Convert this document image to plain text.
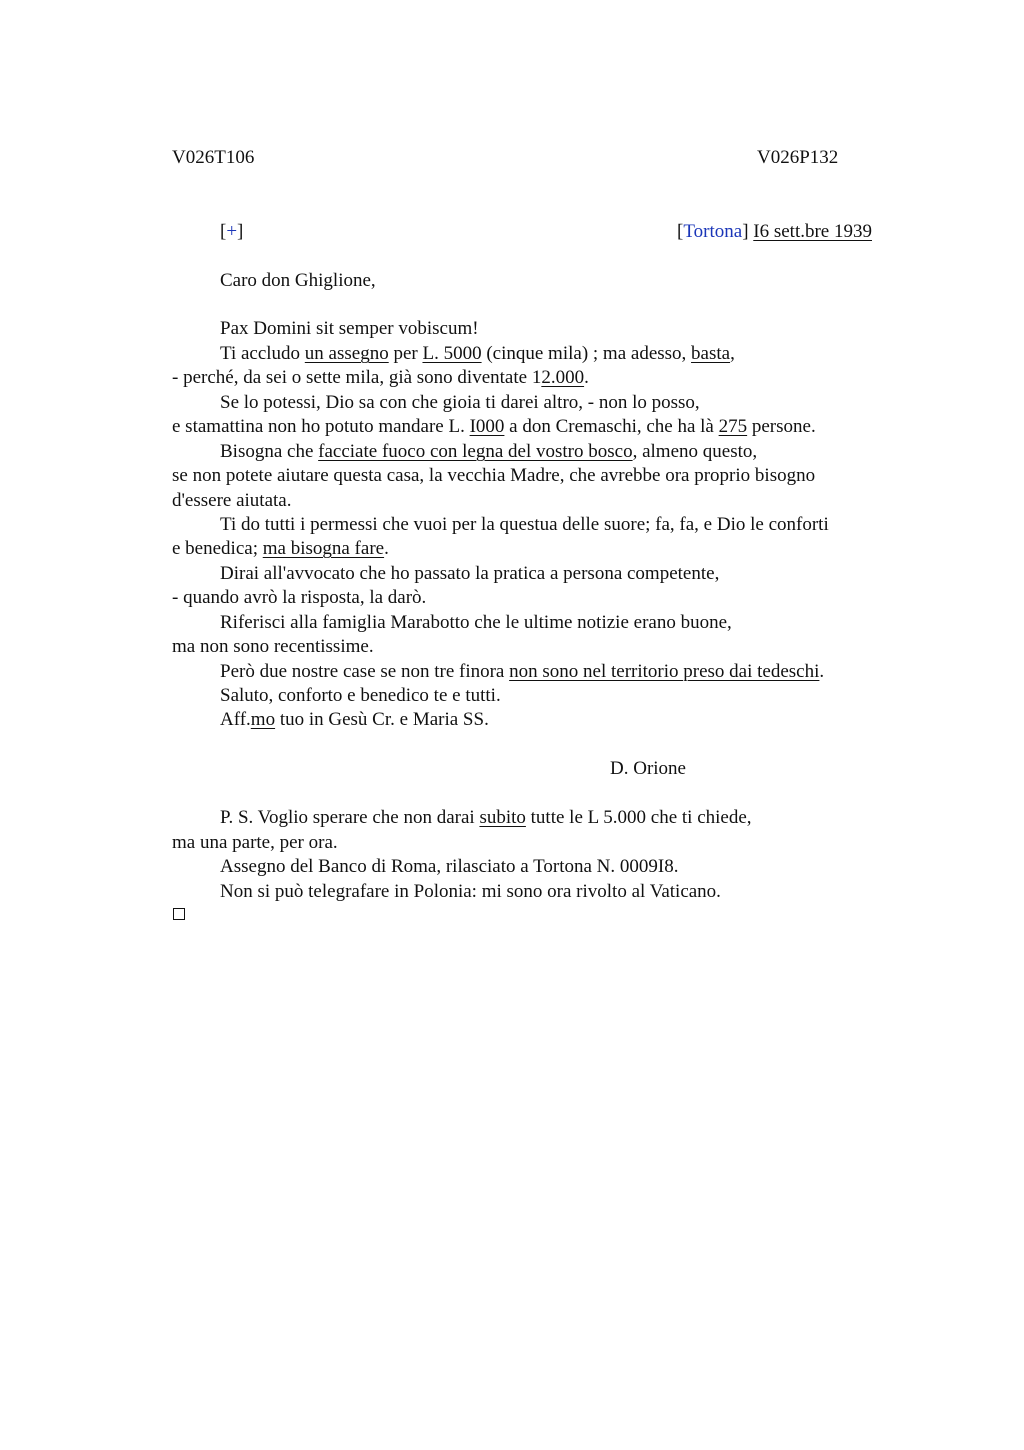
V026T106	V026P132
[+]	[Tortona] I6 sett.bre 1939
Caro don Ghiglione,
Pax Domini sit semper vobiscum!
Ti accludo un assegno per L. 5000 (cinque mila) ; ma adesso, basta,
- perché, da sei o sette mila, già sono diventate 12.000.
Se lo potessi, Dio sa con che gioia ti darei altro, - non lo posso,
e stamattina non ho potuto mandare L. I000 a don Cremaschi, che ha là 275 persone.
Bisogna che facciate fuoco con legna del vostro bosco, almeno questo,
se non potete aiutare questa casa, la vecchia Madre, che avrebbe ora proprio bisogno
d'essere aiutata.
Ti do tutti i permessi che vuoi per la questua delle suore; fa, fa, e Dio le conforti
e benedica; ma bisogna fare.
Dirai all'avvocato che ho passato la pratica a persona competente,
- quando avrò la risposta, la darò.
Riferisci alla famiglia Marabotto che le ultime notizie erano buone,
ma non sono recentissime.
Però due nostre case se non tre finora non sono nel territorio preso dai tedeschi.
Saluto, conforto e benedico te e tutti.
Aff.mo tuo in Gesù Cr. e Maria SS.
D. Orione
P. S. Voglio sperare che non darai subito tutte le L 5.000 che ti chiede,
ma una parte, per ora.
Assegno del Banco di Roma, rilasciato a Tortona N. 0009I8.
Non si può telegrafare in Polonia: mi sono ora rivolto al Vaticano.
